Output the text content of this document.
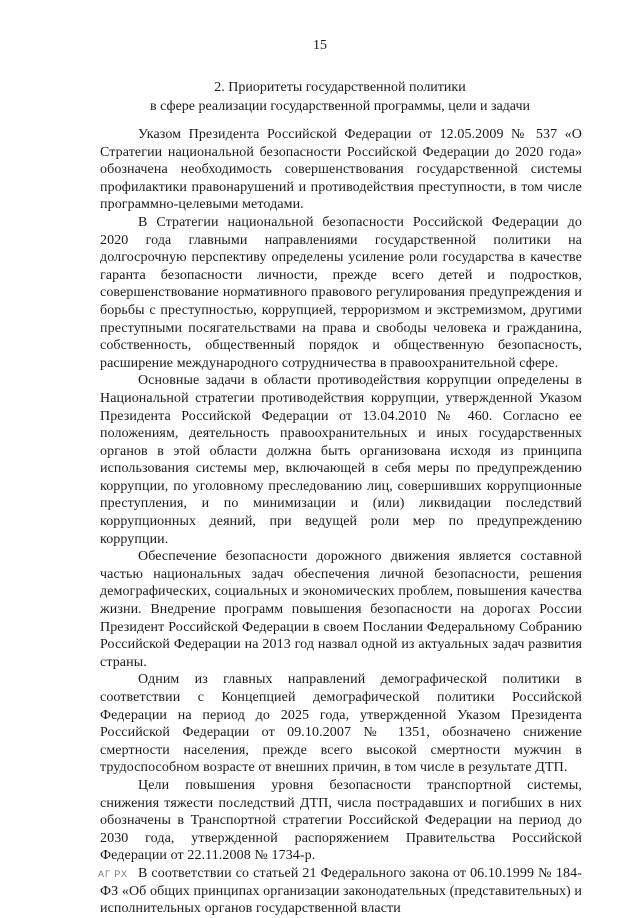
15
2. Приоритеты государственной политики
в сфере реализации государственной программы, цели и задачи

Указом Президента Российской Федерации от 12.05.2009 № 537 «О Стратегии национальной безопасности Российской Федерации до 2020 года» обозначена необходимость совершенствования государственной системы профилактики правонарушений и противодействия преступности, в том числе программно-целевыми методами.

В Стратегии национальной безопасности Российской Федерации до 2020 года главными направлениями государственной политики на долгосрочную перспективу определены усиление роли государства в качестве гаранта безопасности личности, прежде всего детей и подростков, совершенствование нормативного правового регулирования предупреждения и борьбы с преступностью, коррупцией, терроризмом и экстремизмом, другими преступными посягательствами на права и свободы человека и гражданина, собственность, общественный порядок и общественную безопасность, расширение международного сотрудничества в правоохранительной сфере.

Основные задачи в области противодействия коррупции определены в Национальной стратегии противодействия коррупции, утвержденной Указом Президента Российской Федерации от 13.04.2010 № 460. Согласно ее положениям, деятельность правоохранительных и иных государственных органов в этой области должна быть организована исходя из принципа использования системы мер, включающей в себя меры по предупреждению коррупции, по уголовному преследованию лиц, совершивших коррупционные преступления, и по минимизации и (или) ликвидации последствий коррупционных деяний, при ведущей роли мер по предупреждению коррупции.

Обеспечение безопасности дорожного движения является составной частью национальных задач обеспечения личной безопасности, решения демографических, социальных и экономических проблем, повышения качества жизни. Внедрение программ повышения безопасности на дорогах России Президент Российской Федерации в своем Послании Федеральному Собранию Российской Федерации на 2013 год назвал одной из актуальных задач развития страны.

Одним из главных направлений демографической политики в соответствии с Концепцией демографической политики Российской Федерации на период до 2025 года, утвержденной Указом Президента Российской Федерации от 09.10.2007 № 1351, обозначено снижение смертности населения, прежде всего высокой смертности мужчин в трудоспособном возрасте от внешних причин, в том числе в результате ДТП.

Цели повышения уровня безопасности транспортной системы, снижения тяжести последствий ДТП, числа пострадавших и погибших в них обозначены в Транспортной стратегии Российской Федерации на период до 2030 года, утвержденной распоряжением Правительства Российской Федерации от 22.11.2008 № 1734-р.

В соответствии со статьей 21 Федерального закона от 06.10.1999 № 184-ФЗ «Об общих принципах организации законодательных (представительных) и исполнительных органов государственной власти

АГ РХ
